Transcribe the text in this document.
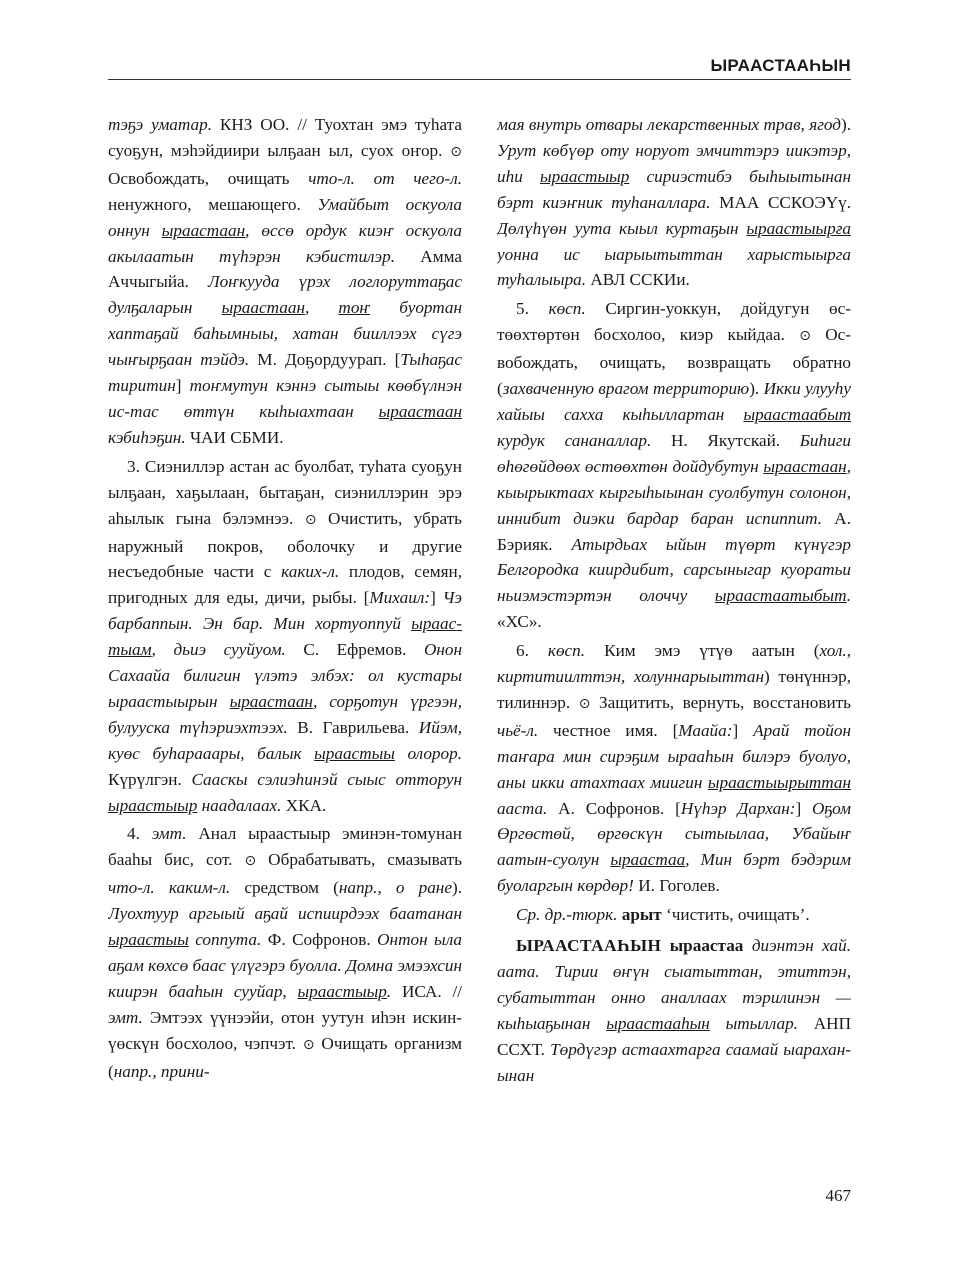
ЫРААСТААҺЫН

тэҕэ уматар. КНЗ ОО. // Туохтан эмэ туһата суоҕун, мэһэйдиири ылҕаан ыл, сyох оҥор. ⊙ Освобождать, очищать что-л. от чего-л. ненужного, мешающего. Умайбыт оскуола оннун ыраастаан, өссө ордук киэҥ оскуола акылаатын түһэрэн кэбистилэр. Амма Аччыгыйа. Лоҥкууда үрэх логлоруттаҕас дулҕаларын ыраастаан, тоҥ буортан хаптаҕай баһымныы, хатан бииллээх сүгэ чыҥырҕаан тэйдэ. М. Доҕордуурап. [Тыһаҕас тиритин] тоҥмутун кэннэ сытыы көөбүлнэн ис-тас өттүн кыһыахтаан ыраастаан кэбиһэҕин. ЧАИ СБМИ.

3. Сиэниллэр астан ас буолбат, туһата суоҕун ылҕаан, хаҕылаан, бытаҕан, сиэниллэрин эрэ аһылык гына бэлэмнээ. ⊙ Очистить, убрать наружный покров, оболочку и другие несъедобные части с каких-л. плодов, семян, пригодных для еды, дичи, рыбы. [Михаил:] Чэ барбаппын. Эн бар. Мин хортуоппуй ыраастыам, дьиэ сууйуом. С. Ефремов. Онон Сахаайа билигин үлэтэ элбэх: ол кустары ыраастыырын ыраастаан, сорҕотун үргээн, булууска түһэриэхтээх. В. Гаврильева. Ийэм, куөс буһарааары, балык ыраастыы олорор. Күрүлгэн. Сааскы сэлиэһинэй сыыс отторун ыраастыыр наадалаах. ХКА.

4. эмт. Анал ыраастыыр эминэн-томунан бааһы бис, сот. ⊙ Обрабатывать, смазывать что-л. каким-л. средством (напр., о ране). Луохтуур аргыый аҕай испиирдээх баатанан ыраастыы соппута. Ф. Софронов. Онтон ыла аҕам көхсө баас үлүгэрэ буолла. Домна эмээхсин киирэн бааһын сууйар, ыраастыыр. ИСА. // эмт. Эмтээх үүнээйи, отон уутун иһэн искин-үөскүн босхолоо, чэпчэт. ⊙ Очищать организм (напр., прини-

мая внутрь отвары лекарственных трав, ягод). Урут көбүөр оту норуот эмчиттэрэ иикэтэр, иһи ыраастыыр сириэстибэ быһыытынан бэрт киэҥник туһаналлара. МАА ССКОЭҮү. Дөлүһүөн уута кыыл куртаҕын ыраастыырға уонна ис ыарыытыттан харыстыырга туһалыыра. АВЛ ССКИи.

5. көсп. Сиргин-уоккун, дойдугун өстөөхтөртөн босхолоо, киэр кыйдаа. ⊙ Освобождать, очищать, возвращать обратно (захваченную врагом территорию). Икки улууһу хайыы сахха кыһыллартан ыраастаабыт курдук сананаллар. Н. Якутскай. Биһиги өһөгөйдөөх өстөөхтөн дойдубутун ыраастаан, кыырыктаах кыргыһыынан суолбутун солонон, иннибит диэки бардар баран испиппит. А. Бэрияк. Атырдьах ыйын түөрт күнүгэр Белгородка киирдибит, сарсыныгар куоратьи ньиэмэстэртэн олоччу ыраастаатыбыт. «ХС».

6. көсп. Ким эмэ үтүө аатын (хол., киртитиилттэн, холуннарыыттан) төнүннэр, тилиннэр. ⊙ Защитить, вернуть, восстановить чьё-л. честное имя. [Маайа:] Арай тойон таҥара мин сирэҕим ырааһын билэрэ буолуо, аны икки атахтаах миигин ыраастыырыттан ааста. А. Софронов. [Нүһэр Дархан:] Оҕом Өргөстөй, өргөскүн сытыылаа, Убайыҥ аатын-суолун ыраастаа, Мин бэрт бэдэрим буоларгын көрдөр! И. Гоголев.

Ср. др.-тюрк. арыт ‘чистить, очищать’.

ЫРААСТААҺЫН ыраастаа диэнтэн хай. аата. Тирии өҥүн сыатыттан, этиттэн, субатыттан онно аналлаах тэрилинэн — кыһыаҕынан ыраастааһын ытыллар. АНП ССХТ. Төрдүгэр астаахтарга саамай ыараханынан

467
